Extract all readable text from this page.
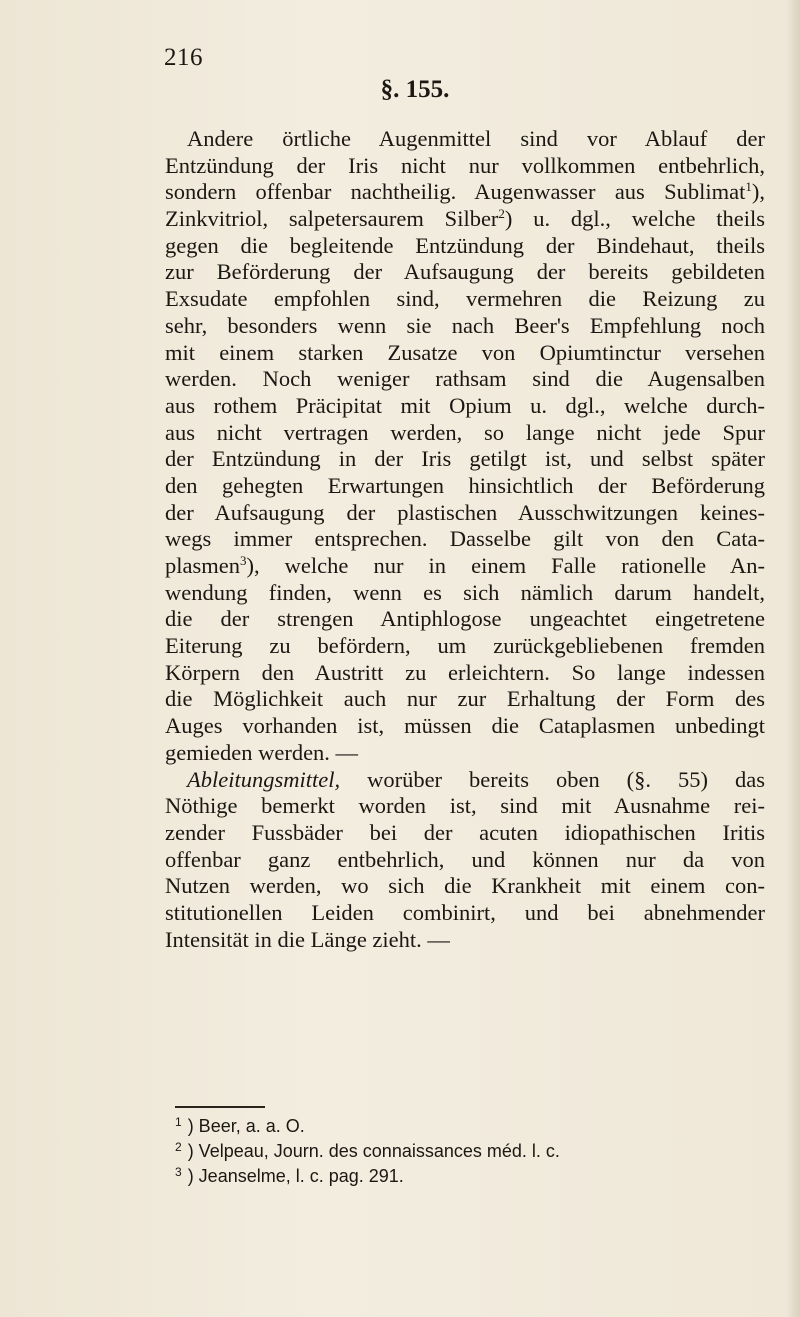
216
§. 155.
Andere örtliche Augenmittel sind vor Ablauf der
Entzündung der Iris nicht nur vollkommen entbehrlich,
sondern offenbar nachtheilig. Augenwasser aus Sublimat$^1$),
Zinkvitriol, salpetersaurem Silber$^2$) u. dgl., welche theils
gegen die begleitende Entzündung der Bindehaut, theils
zur Beförderung der Aufsaugung der bereits gebildeten
Exsudate empfohlen sind, vermehren die Reizung zu
sehr, besonders wenn sie nach Beer's Empfehlung noch
mit einem starken Zusatze von Opiumtinctur versehen
werden. Noch weniger rathsam sind die Augensalben
aus rothem Präcipitat mit Opium u. dgl., welche durch-
aus nicht vertragen werden, so lange nicht jede Spur
der Entzündung in der Iris getilgt ist, und selbst später
den gehegten Erwartungen hinsichtlich der Beförderung
der Aufsaugung der plastischen Ausschwitzungen keines-
wegs immer entsprechen. Dasselbe gilt von den Cata-
plasmen$^3$), welche nur in einem Falle rationelle An-
wendung finden, wenn es sich nämlich darum handelt,
die der strengen Antiphlogose ungeachtet eingetretene
Eiterung zu befördern, um zurückgebliebenen fremden
Körpern den Austritt zu erleichtern. So lange indessen
die Möglichkeit auch nur zur Erhaltung der Form des
Auges vorhanden ist, müssen die Cataplasmen unbedingt
gemieden werden. —
Ableitungsmittel, worüber bereits oben (§. 55) das
Nöthige bemerkt worden ist, sind mit Ausnahme rei-
zender Fussbäder bei der acuten idiopathischen Iritis
offenbar ganz entbehrlich, und können nur da von
Nutzen werden, wo sich die Krankheit mit einem con-
stitutionellen Leiden combinirt, und bei abnehmender
Intensität in die Länge zieht. —
$^1$ ) Beer, a. a. O.
$^2$ ) Velpeau, Journ. des connaissances méd. l. c.
$^3$ ) Jeanselme, l. c. pag. 291.
